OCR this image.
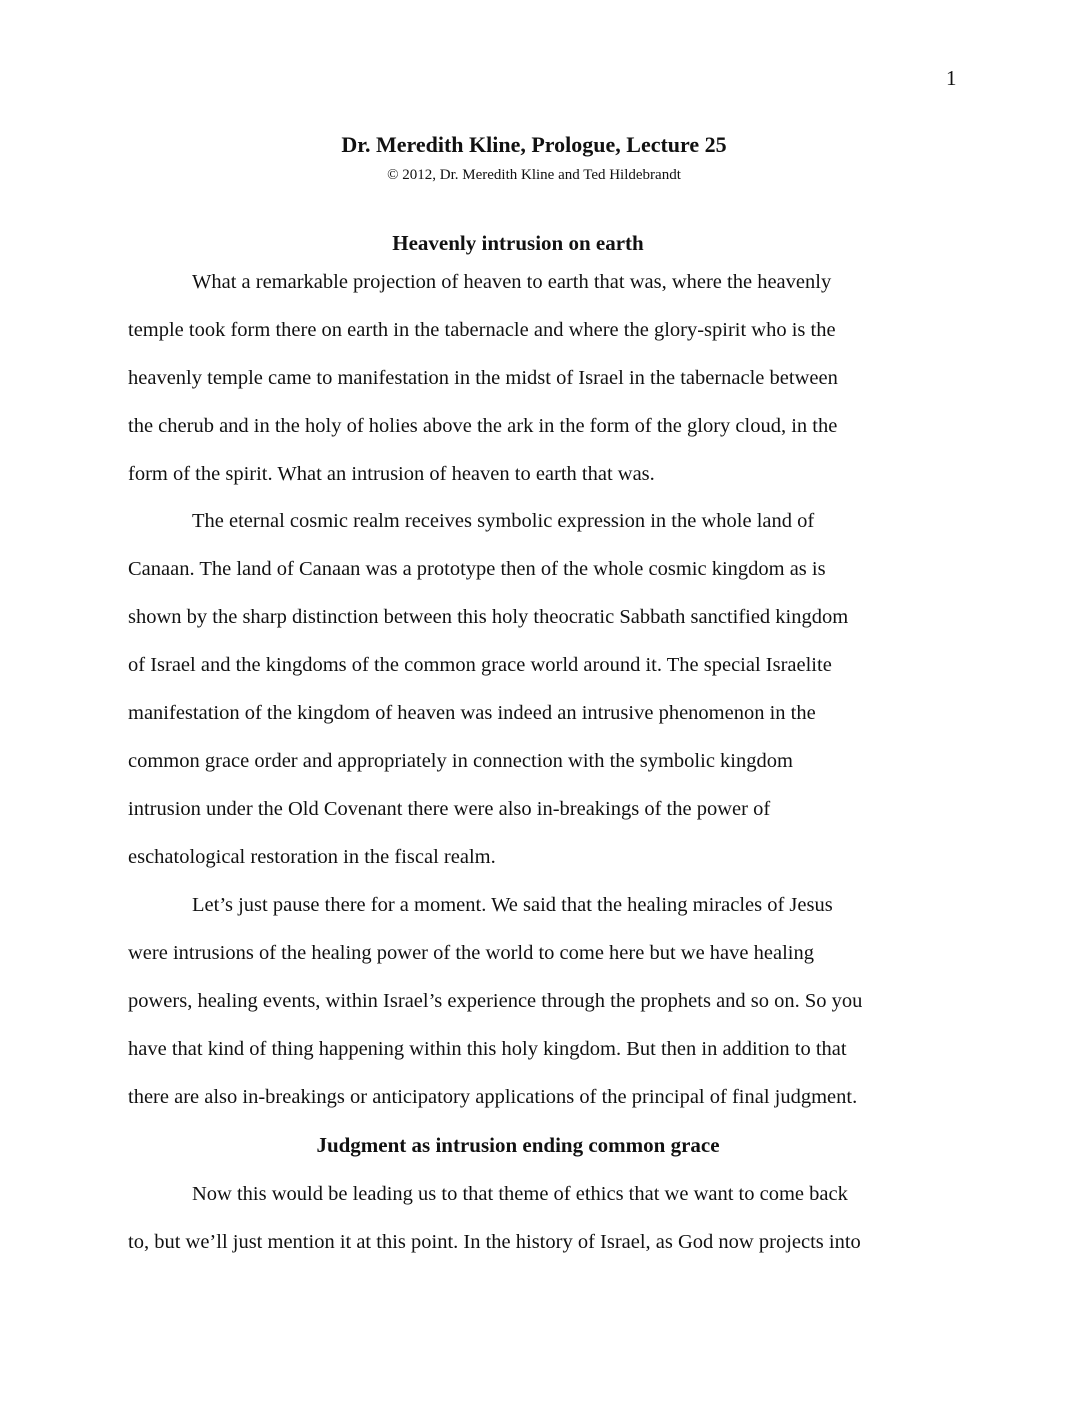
1
Dr. Meredith Kline, Prologue, Lecture 25
© 2012, Dr. Meredith Kline and Ted Hildebrandt
Heavenly intrusion on earth
What a remarkable projection of heaven to earth that was, where the heavenly
temple took form there on earth in the tabernacle and where the glory-spirit who is the
heavenly temple came to manifestation in the midst of Israel in the tabernacle between
the cherub and in the holy of holies above the ark in the form of the glory cloud, in the
form of the spirit. What an intrusion of heaven to earth that was.
The eternal cosmic realm receives symbolic expression in the whole land of
Canaan. The land of Canaan was a prototype then of the whole cosmic kingdom as is
shown by the sharp distinction between this holy theocratic Sabbath sanctified kingdom
of Israel and the kingdoms of the common grace world around it. The special Israelite
manifestation of the kingdom of heaven was indeed an intrusive phenomenon in the
common grace order and appropriately in connection with the symbolic kingdom
intrusion under the Old Covenant there were also in-breakings of the power of
eschatological restoration in the fiscal realm.
Let’s just pause there for a moment. We said that the healing miracles of Jesus
were intrusions of the healing power of the world to come here but we have healing
powers, healing events, within Israel’s experience through the prophets and so on. So you
have that kind of thing happening within this holy kingdom. But then in addition to that
there are also in-breakings or anticipatory applications of the principal of final judgment.
Judgment as intrusion ending common grace
Now this would be leading us to that theme of ethics that we want to come back
to, but we’ll just mention it at this point. In the history of Israel, as God now projects into
